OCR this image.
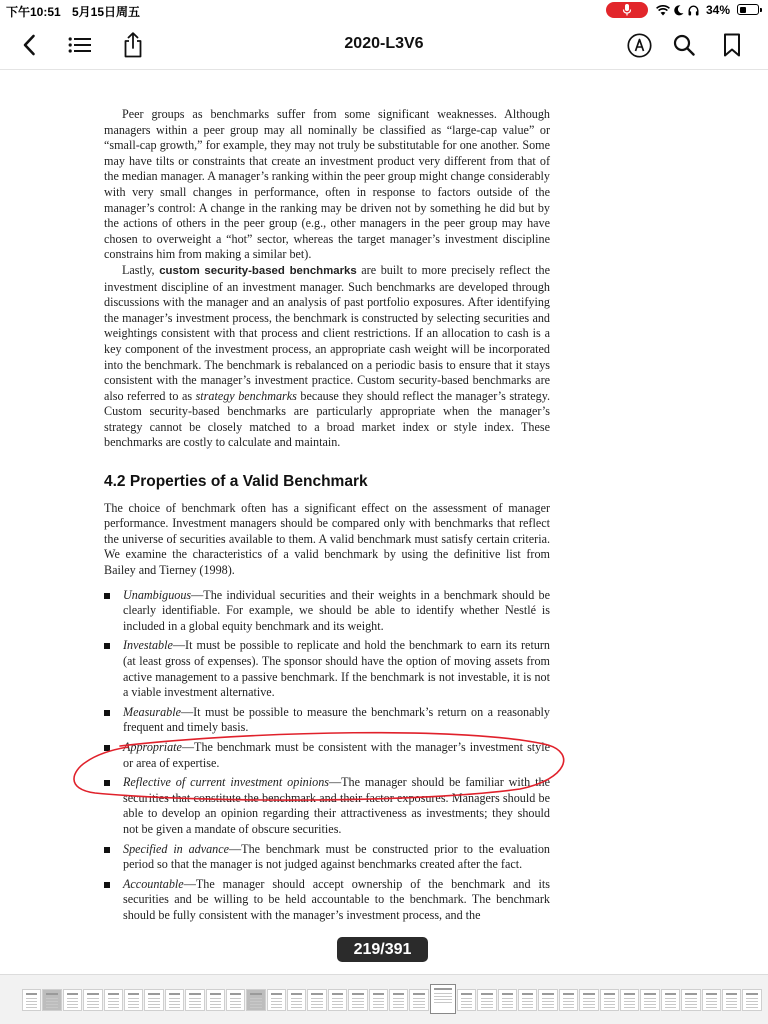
下午10:51 5月15日周五	34%
2020-L3V6

Peer groups as benchmarks suffer from some significant weaknesses. Although managers within a peer group may all nominally be classified as “large-cap value” or “small-cap growth,” for example, they may not truly be substitutable for one another. Some may have tilts or constraints that create an investment product very different from that of the median manager. A manager’s ranking within the peer group might change considerably with very small changes in performance, often in response to factors outside of the manager’s control: A change in the ranking may be driven not by something he did but by the actions of others in the peer group (e.g., other managers in the peer group may have chosen to overweight a “hot” sector, whereas the target manager’s investment discipline constrains him from making a similar bet).

Lastly, custom security-based benchmarks are built to more precisely reflect the investment discipline of an investment manager. Such benchmarks are developed through discussions with the manager and an analysis of past portfolio exposures. After identifying the manager’s investment process, the benchmark is constructed by selecting securities and weightings consistent with that process and client restrictions. If an allocation to cash is a key component of the investment process, an appropriate cash weight will be incorporated into the benchmark. The benchmark is rebalanced on a periodic basis to ensure that it stays consistent with the manager’s investment practice. Custom security-based benchmarks are also referred to as strategy benchmarks because they should reflect the manager’s strategy. Custom security-based benchmarks are particularly appropriate when the manager’s strategy cannot be closely matched to a broad market index or style index. These benchmarks are costly to calculate and maintain.

4.2 Properties of a Valid Benchmark

The choice of benchmark often has a significant effect on the assessment of manager performance. Investment managers should be compared only with benchmarks that reflect the universe of securities available to them. A valid benchmark must satisfy certain criteria. We examine the characteristics of a valid benchmark by using the definitive list from Bailey and Tierney (1998).

Unambiguous—The individual securities and their weights in a benchmark should be clearly identifiable. For example, we should be able to identify whether Nestlé is included in a global equity benchmark and its weight.
Investable—It must be possible to replicate and hold the benchmark to earn its return (at least gross of expenses). The sponsor should have the option of moving assets from active management to a passive benchmark. If the benchmark is not investable, it is not a viable investment alternative.
Measurable—It must be possible to measure the benchmark’s return on a reasonably frequent and timely basis.
Appropriate—The benchmark must be consistent with the manager’s investment style or area of expertise.
Reflective of current investment opinions—The manager should be familiar with the securities that constitute the benchmark and their factor exposures. Managers should be able to develop an opinion regarding their attractiveness as investments; they should not be given a mandate of obscure securities.
Specified in advance—The benchmark must be constructed prior to the evaluation period so that the manager is not judged against benchmarks created after the fact.
Accountable—The manager should accept ownership of the benchmark and its securities and be willing to be held accountable to the benchmark. The benchmark should be fully consistent with the manager’s investment process, and the
219/391
